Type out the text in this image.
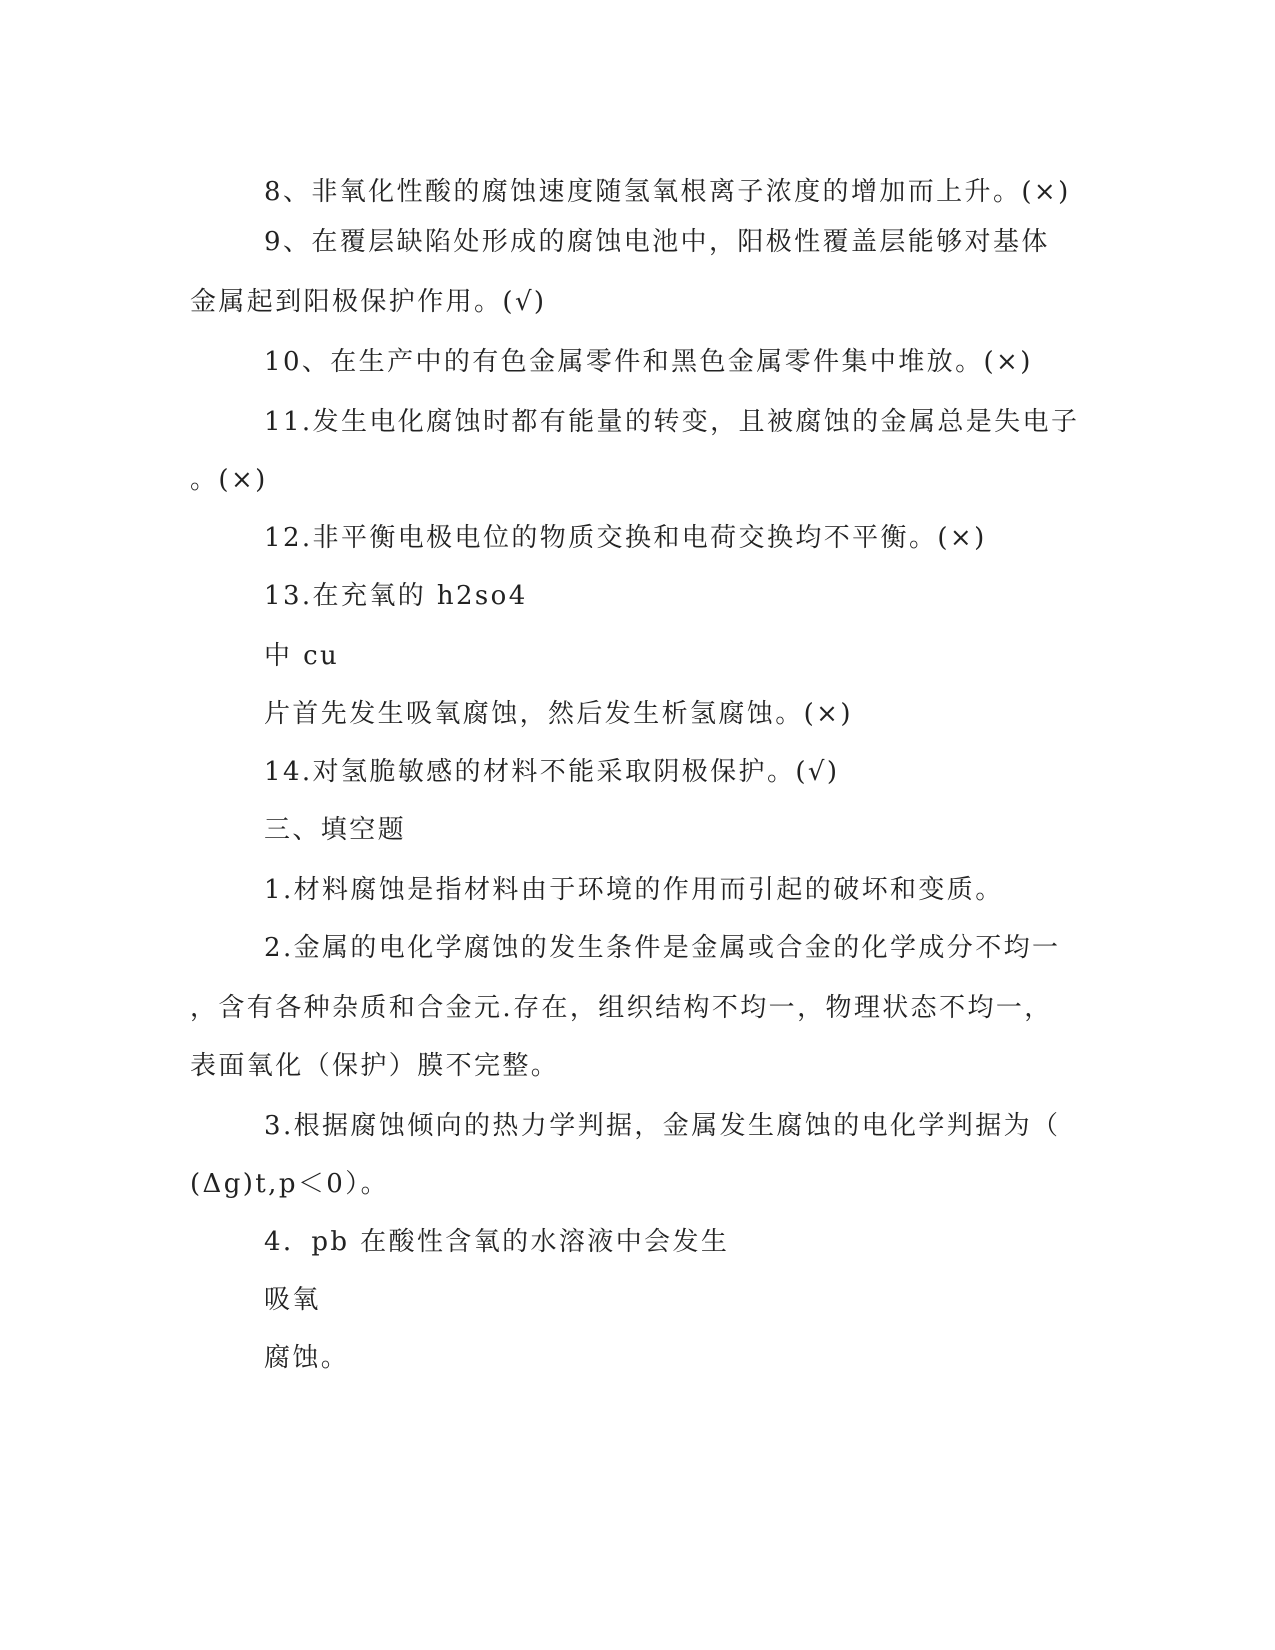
8、非氧化性酸的腐蚀速度随氢氧根离子浓度的增加而上升。(×)
9、在覆层缺陷处形成的腐蚀电池中，阳极性覆盖层能够对基体
金属起到阳极保护作用。(√)
10、在生产中的有色金属零件和黑色金属零件集中堆放。(×)
11.发生电化腐蚀时都有能量的转变，且被腐蚀的金属总是失电子
。(×)
12.非平衡电极电位的物质交换和电荷交换均不平衡。(×)
13.在充氧的 h2so4
中 cu
片首先发生吸氧腐蚀，然后发生析氢腐蚀。(×)
14.对氢脆敏感的材料不能采取阴极保护。(√)
三、填空题
1.材料腐蚀是指材料由于环境的作用而引起的破坏和变质。
2.金属的电化学腐蚀的发生条件是金属或合金的化学成分不均一
，含有各种杂质和合金元.存在，组织结构不均一，物理状态不均一，
表面氧化（保护）膜不完整。
3.根据腐蚀倾向的热力学判据，金属发生腐蚀的电化学判据为（
(Δg)t,p＜0）。
4．pb 在酸性含氧的水溶液中会发生
吸氧
腐蚀。
